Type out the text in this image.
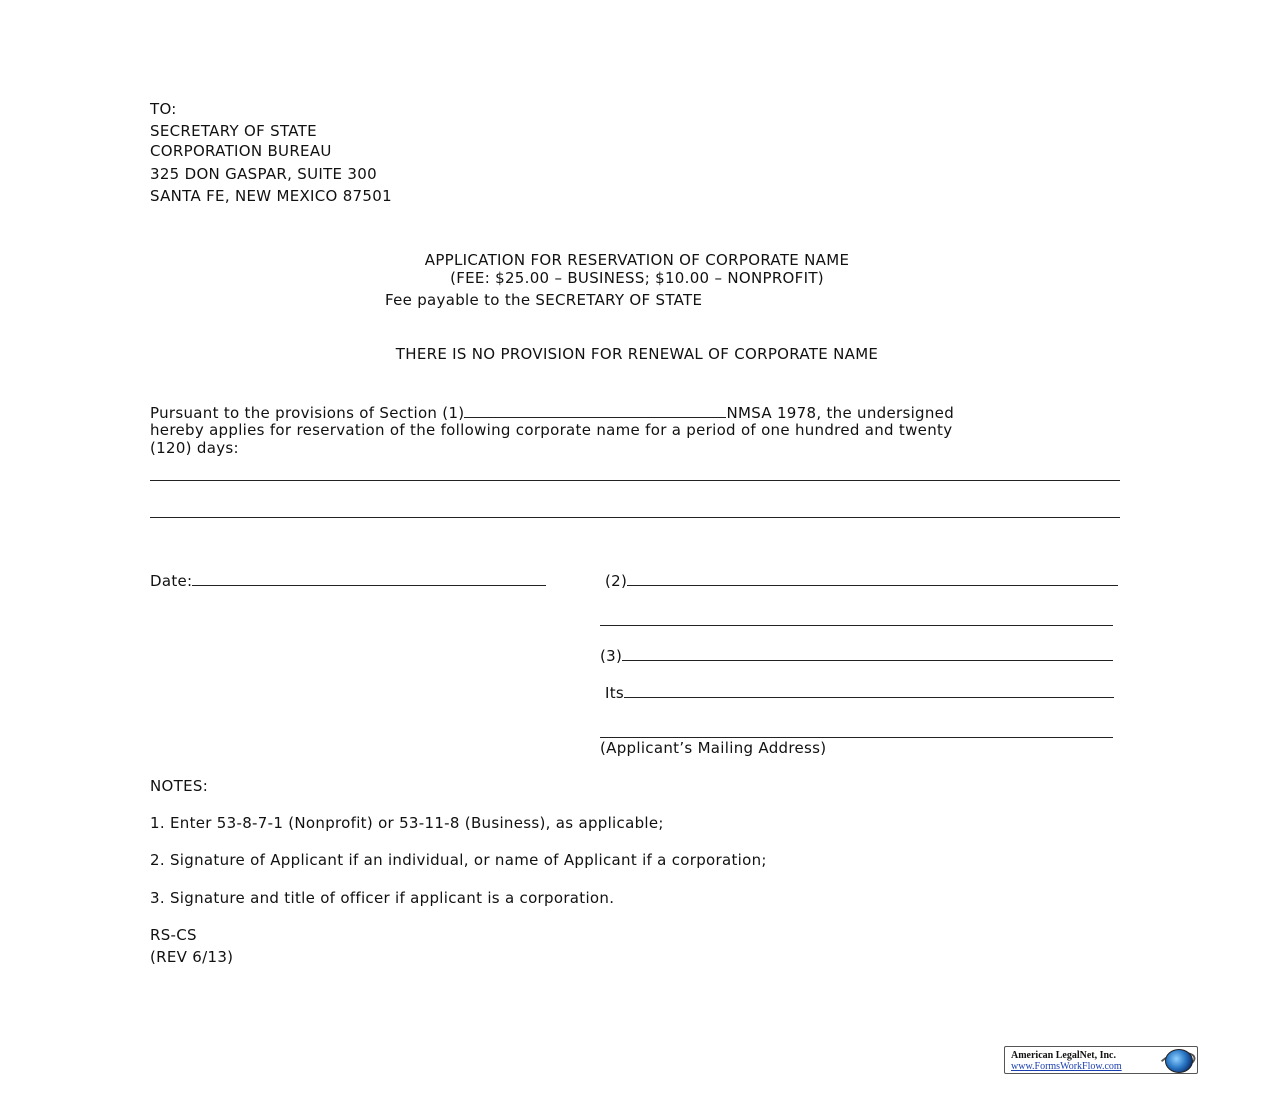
TO:
SECRETARY OF STATE
CORPORATION BUREAU
325 DON GASPAR, SUITE 300
SANTA FE, NEW MEXICO 87501
APPLICATION FOR RESERVATION OF CORPORATE NAME
(FEE: $25.00 – BUSINESS; $10.00 – NONPROFIT)
Fee payable to the SECRETARY OF STATE
THERE IS NO PROVISION FOR RENEWAL OF CORPORATE NAME
Pursuant to the provisions of Section (1)	NMSA 1978, the undersigned
hereby applies for reservation of the following corporate name for a period of one hundred and twenty
(120) days:
Date:	(2)
(3)
Its
(Applicant’s Mailing Address)
NOTES:
1. Enter 53-8-7-1 (Nonprofit) or 53-11-8 (Business), as applicable;
2. Signature of Applicant if an individual, or name of Applicant if a corporation;
3. Signature and title of officer if applicant is a corporation.
RS-CS
(REV 6/13)
American LegalNet, Inc.
www.FormsWorkFlow.com
